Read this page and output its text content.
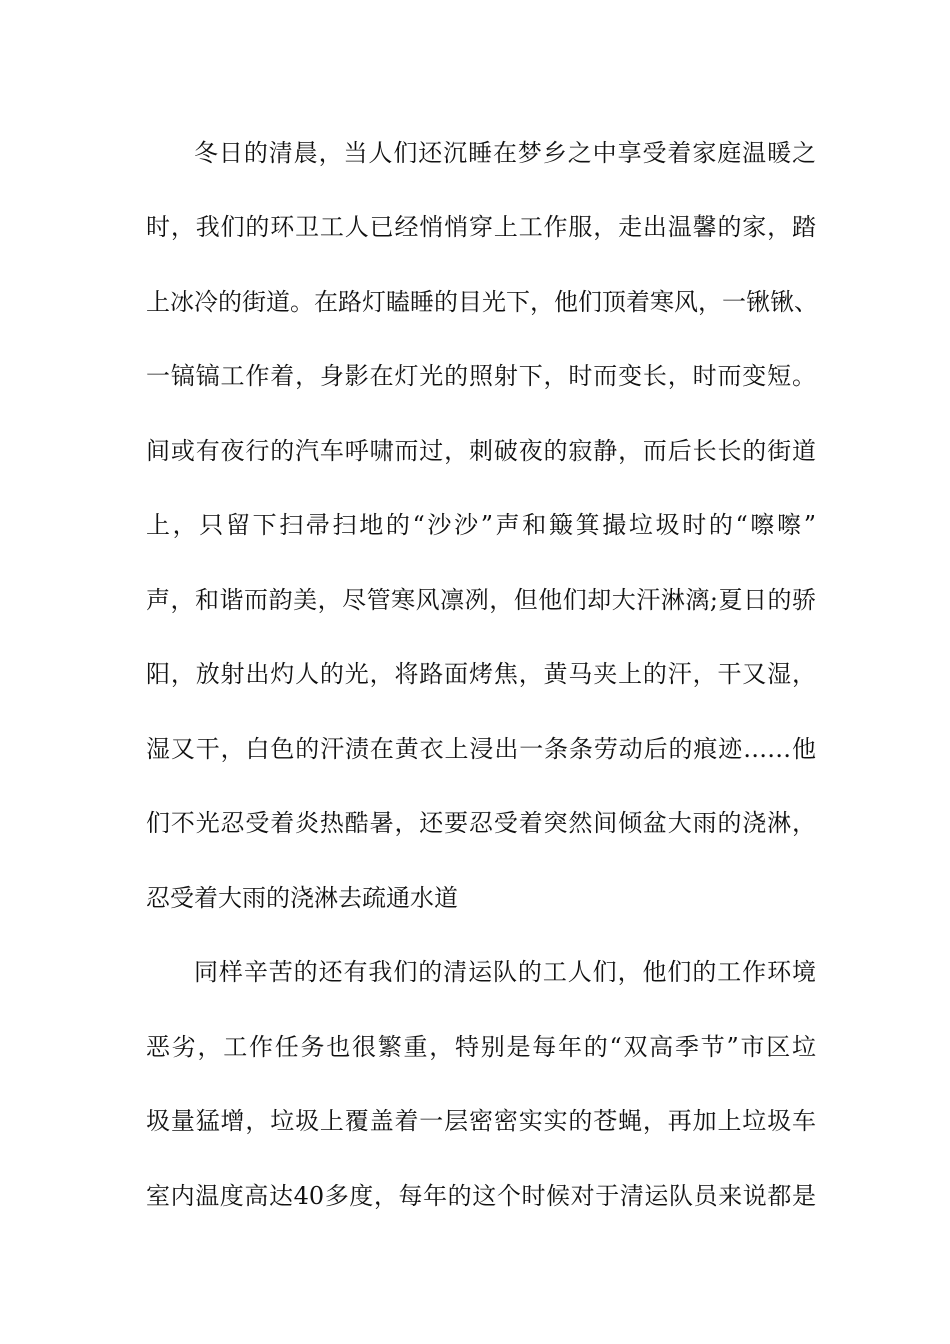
冬日的清晨，当人们还沉睡在梦乡之中享受着家庭温暖之
时，我们的环卫工人已经悄悄穿上工作服，走出温馨的家，踏
上冰冷的街道。在路灯瞌睡的目光下，他们顶着寒风，一锹锹、
一镐镐工作着，身影在灯光的照射下，时而变长，时而变短。
间或有夜行的汽车呼啸而过，刺破夜的寂静，而后长长的街道
上，只留下扫帚扫地的“沙沙”声和簸箕撮垃圾时的“嚓嚓”
声，和谐而韵美，尽管寒风凛冽，但他们却大汗淋漓;夏日的骄
阳，放射出灼人的光，将路面烤焦，黄马夹上的汗，干又湿，
湿又干，白色的汗渍在黄衣上浸出一条条劳动后的痕迹……他
们不光忍受着炎热酷暑，还要忍受着突然间倾盆大雨的浇淋，
忍受着大雨的浇淋去疏通水道
同样辛苦的还有我们的清运队的工人们，他们的工作环境
恶劣，工作任务也很繁重，特别是每年的“双高季节”市区垃
圾量猛增，垃圾上覆盖着一层密密实实的苍蝇，再加上垃圾车
室内温度高达40多度，每年的这个时候对于清运队员来说都是
